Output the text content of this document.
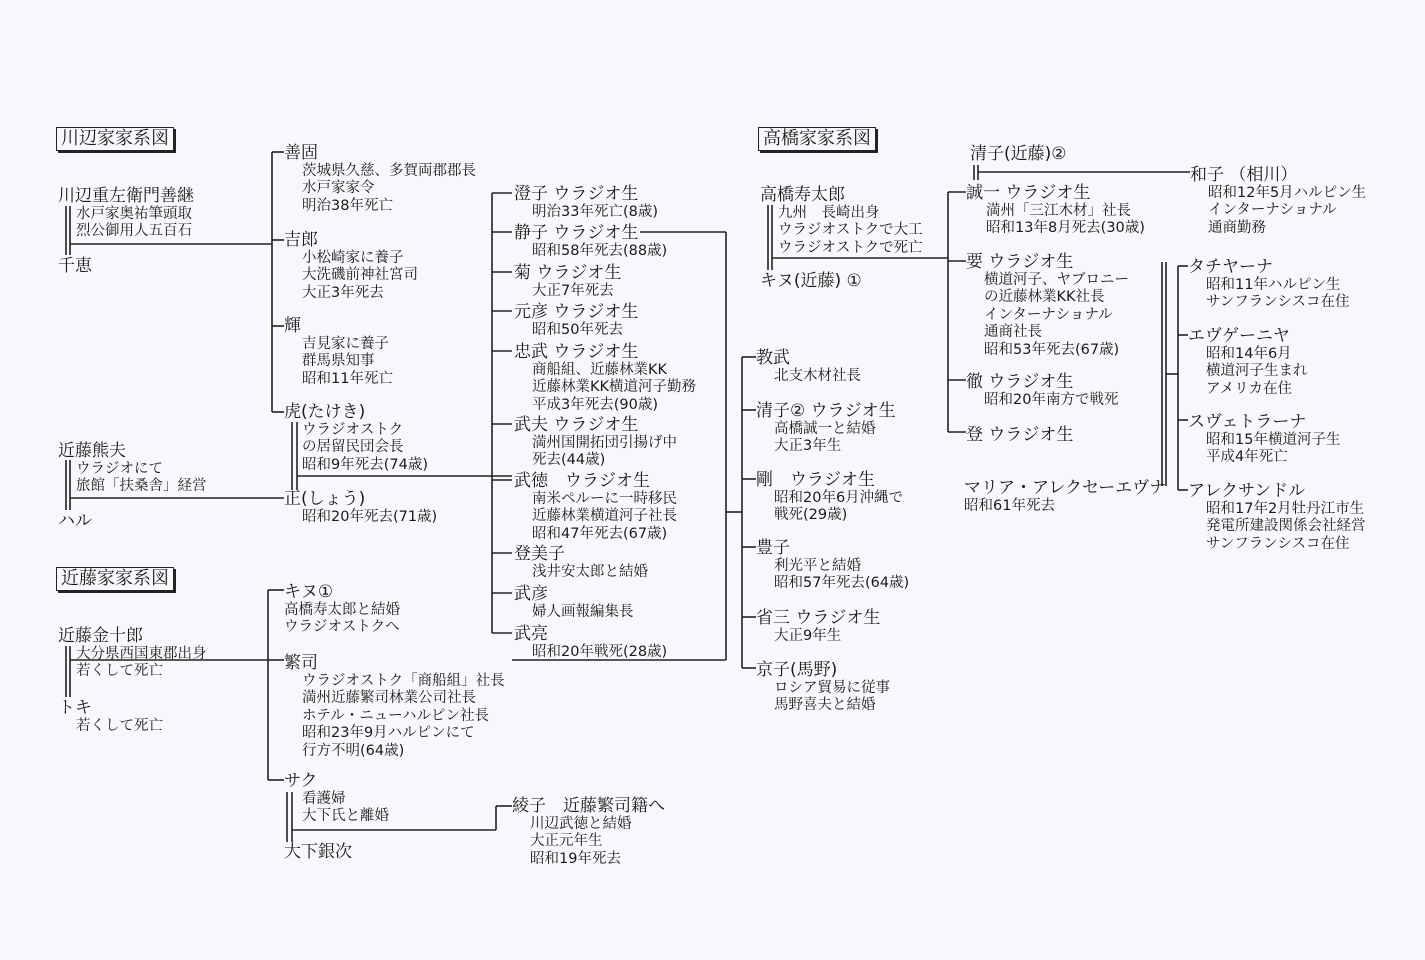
川辺家家系図
近藤家家系図
高橋家家系図
川辺重左衛門善継
水戸家奥祐筆頭取
烈公御用人五百石
千恵
善固
茨城県久慈、多賀両郡郡長
水戸家家令
明治38年死亡
吉郎
小松崎家に養子
大洗磯前神社宮司
大正3年死去
輝
吉見家に養子
群馬県知事
昭和11年死亡
虎(たけき)
ウラジオストク
の居留民団会長
昭和9年死去(74歳)
正(しょう)
昭和20年死去(71歳)
近藤熊夫
ウラジオにて
旅館「扶桑舎」経営
ハル
澄子 ウラジオ生
明治33年死亡(8歳)
静子 ウラジオ生
昭和58年死去(88歳)
菊 ウラジオ生
大正7年死去
元彦 ウラジオ生
昭和50年死去
忠武 ウラジオ生
商船組、近藤林業KK
近藤林業KK横道河子勤務
平成3年死去(90歳)
武夫 ウラジオ生
満州国開拓団引揚げ中
死去(44歳)
武徳　ウラジオ生
南米ペルーに一時移民
近藤林業横道河子社長
昭和47年死去(67歳)
登美子
浅井安太郎と結婚
武彦
婦人画報編集長
武亮
昭和20年戦死(28歳)
近藤金十郎
大分県西国東郡出身
若くして死亡
トキ
若くして死亡
キヌ①
高橋寿太郎と結婚
ウラジオストクへ
繁司
ウラジオストク「商船組」社長
満州近藤繁司林業公司社長
ホテル・ニューハルピン社長
昭和23年9月ハルピンにて
行方不明(64歳)
サク
看護婦
大下氏と離婚
大下銀次
綾子　近藤繁司籍へ
川辺武徳と結婚
大正元年生
昭和19年死去
高橋寿太郎
九州　長崎出身
ウラジオストクで大工
ウラジオストクで死亡
キヌ(近藤) ①
教武
北支木材社長
清子② ウラジオ生
高橋誠一と結婚
大正3年生
剛　ウラジオ生
昭和20年6月沖縄で
戦死(29歳)
豊子
利光平と結婚
昭和57年死去(64歳)
省三 ウラジオ生
大正9年生
京子(馬野)
ロシア貿易に従事
馬野喜夫と結婚
清子(近藤)②
誠一 ウラジオ生
満州「三江木材」社長
昭和13年8月死去(30歳)
要 ウラジオ生
横道河子、ヤブロニー
の近藤林業KK社長
インターナショナル
通商社長
昭和53年死去(67歳)
徹 ウラジオ生
昭和20年南方で戦死
登 ウラジオ生
マリア・アレクセーエヴナ
昭和61年死去
和子 （相川）
昭和12年5月ハルピン生
インターナショナル
通商勤務
タチヤーナ
昭和11年ハルピン生
サンフランシスコ在住
エヴゲーニヤ
昭和14年6月
横道河子生まれ
アメリカ在住
スヴェトラーナ
昭和15年横道河子生
平成4年死亡
アレクサンドル
昭和17年2月牡丹江市生
発電所建設関係会社経営
サンフランシスコ在住
